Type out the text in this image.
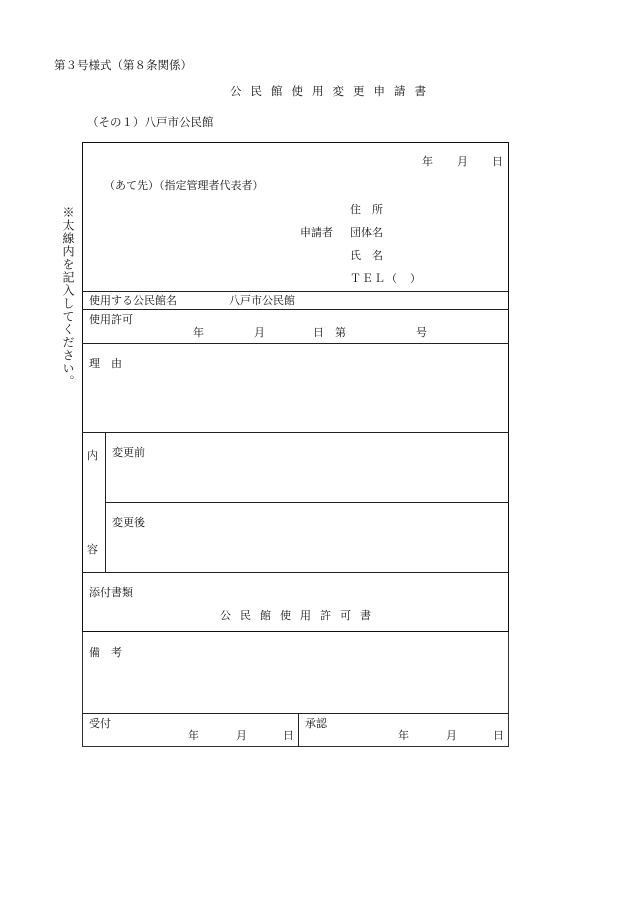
第３号様式（第８条関係）
公民館使用変更申請書
（その１）八戸市公民館
※太線内を記入してください。
年 月 日
（あて先）（指定管理者代表者）
住　所
申請者 団体名
氏　名
ＴＥＬ（　）
使用する公民館名	八戸市公民館
使用許可
年	月	日 第	号
理　由
内
容
変更前
変更後
添付書類
公民館使用許可書
備　考
受付
年	月	日
承認
年	月	日
